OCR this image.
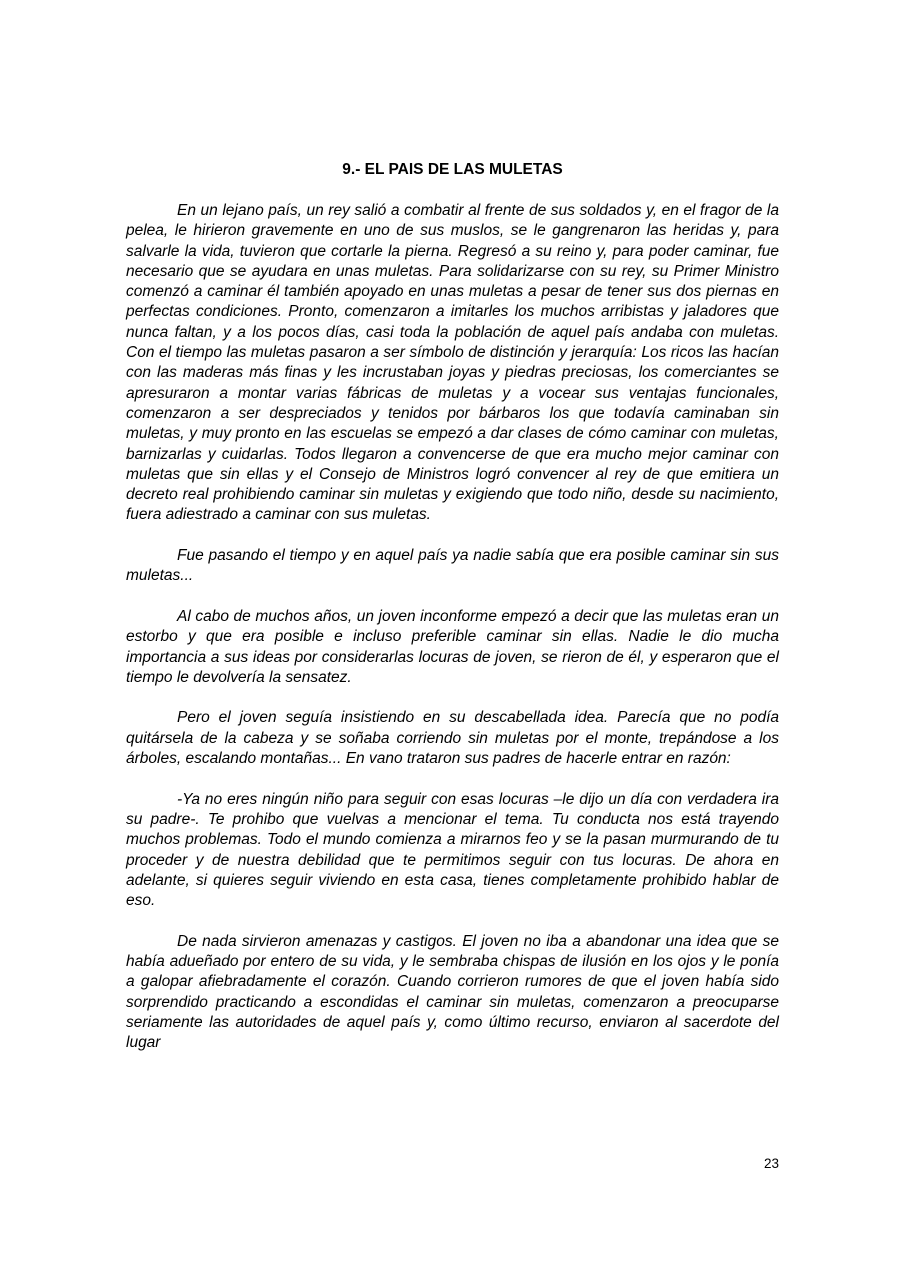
9.- EL PAIS DE LAS MULETAS

En un lejano país, un rey salió a combatir al frente de sus soldados y, en el fragor de la pelea, le hirieron gravemente en uno de sus muslos, se le gangrenaron las heridas y, para salvarle la vida, tuvieron que cortarle la pierna. Regresó a su reino y, para poder caminar, fue necesario que se ayudara en unas muletas. Para solidarizarse con su rey, su Primer Ministro comenzó a caminar él también apoyado en unas muletas a pesar de tener sus dos piernas en perfectas condiciones. Pronto, comenzaron a imitarles los muchos arribistas y jaladores que nunca faltan, y a los pocos días, casi toda la población de aquel país andaba con muletas. Con el tiempo las muletas pasaron a ser símbolo de distinción y jerarquía: Los ricos las hacían con las maderas más finas y les incrustaban joyas y piedras preciosas, los comerciantes se apresuraron a montar varias fábricas de muletas y a vocear sus ventajas funcionales, comenzaron a ser despreciados y tenidos por bárbaros los que todavía caminaban sin muletas, y muy pronto en las escuelas se empezó a dar clases de cómo caminar con muletas, barnizarlas y cuidarlas. Todos llegaron a convencerse de que era mucho mejor caminar con muletas que sin ellas y el Consejo de Ministros logró convencer al rey de que emitiera un decreto real prohibiendo caminar sin muletas y exigiendo que todo niño, desde su nacimiento, fuera adiestrado a caminar con sus muletas.

Fue pasando el tiempo y en aquel país ya nadie sabía que era posible caminar sin sus muletas...

Al cabo de muchos años, un joven inconforme empezó a decir que las muletas eran un estorbo y que era posible e incluso preferible caminar sin ellas. Nadie le dio mucha importancia a sus ideas por considerarlas locuras de joven, se rieron de él, y esperaron que el tiempo le devolvería la sensatez.

Pero el joven seguía insistiendo en su descabellada idea. Parecía que no podía quitársela de la cabeza y se soñaba corriendo sin muletas por el monte, trepándose a los árboles, escalando montañas... En vano trataron sus padres de hacerle entrar en razón:

-Ya no eres ningún niño para seguir con esas locuras –le dijo un día con verdadera ira su padre-. Te prohibo que vuelvas a mencionar el tema. Tu conducta nos está trayendo muchos problemas. Todo el mundo comienza a mirarnos feo y se la pasan murmurando de tu proceder y de nuestra debilidad que te permitimos seguir con tus locuras. De ahora en adelante, si quieres seguir viviendo en esta casa, tienes completamente prohibido hablar de eso.

De nada sirvieron amenazas y castigos. El joven no iba a abandonar una idea que se había adueñado por entero de su vida, y le sembraba chispas de ilusión en los ojos y le ponía a galopar afiebradamente el corazón. Cuando corrieron rumores de que el joven había sido sorprendido practicando a escondidas el caminar sin muletas, comenzaron a preocuparse seriamente las autoridades de aquel país y, como último recurso, enviaron al sacerdote del lugar

23
